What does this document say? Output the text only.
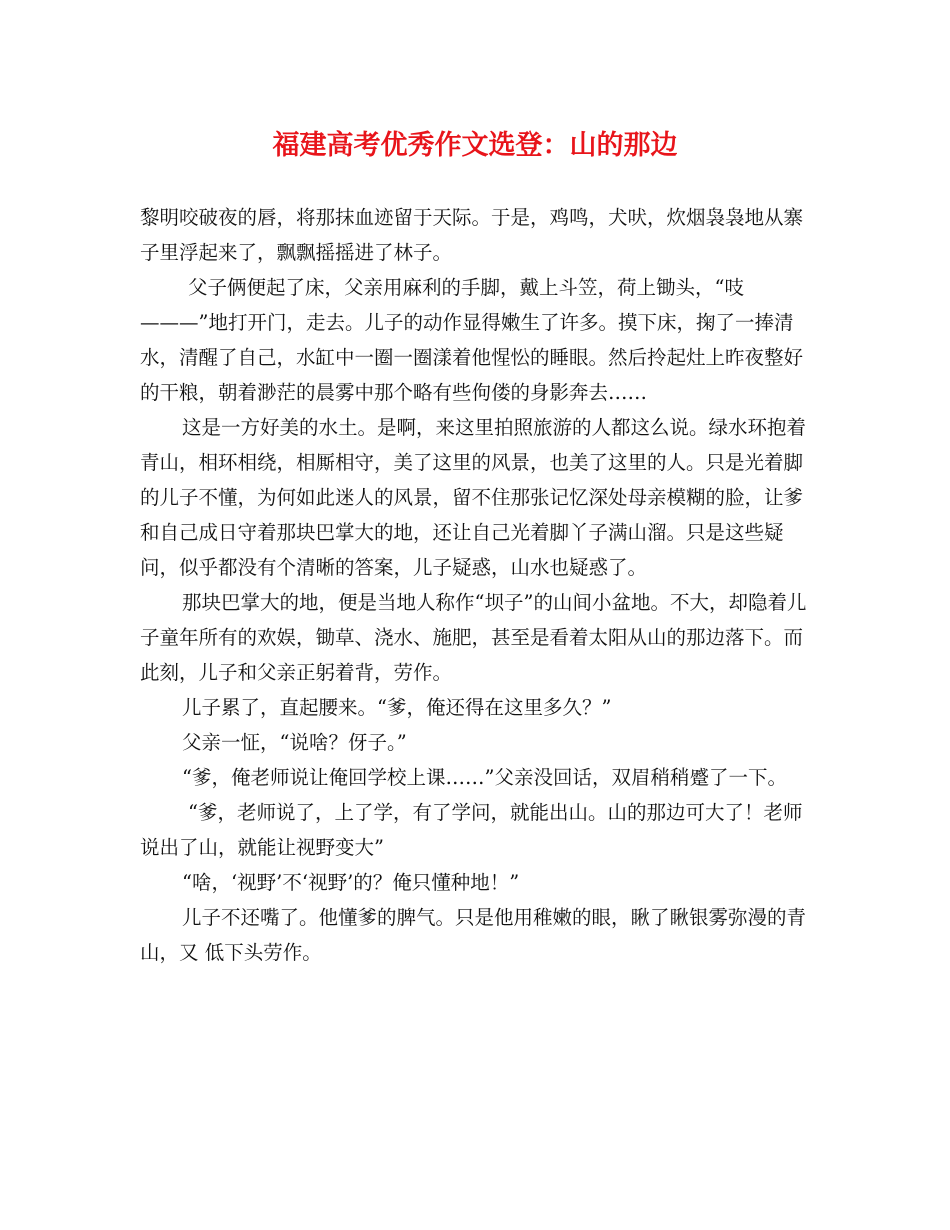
福建高考优秀作文选登：山的那边

黎明咬破夜的唇，将那抹血迹留于天际。于是，鸡鸣，犬吠，炊烟袅袅地从寨子里浮起来了，飘飘摇摇进了林子。

父子俩便起了床，父亲用麻利的手脚，戴上斗笠，荷上锄头，“吱———”地打开门，走去。儿子的动作显得嫩生了许多。摸下床，掬了一捧清水，清醒了自己，水缸中一圈一圈漾着他惺忪的睡眼。然后拎起灶上昨夜整好的干粮，朝着渺茫的晨雾中那个略有些佝偻的身影奔去……

这是一方好美的水土。是啊，来这里拍照旅游的人都这么说。绿水环抱着青山，相环相绕，相厮相守，美了这里的风景，也美了这里的人。只是光着脚的儿子不懂，为何如此迷人的风景，留不住那张记忆深处母亲模糊的脸，让爹和自己成日守着那块巴掌大的地，还让自己光着脚丫子满山溜。只是这些疑问，似乎都没有个清晰的答案，儿子疑惑，山水也疑惑了。

那块巴掌大的地，便是当地人称作“坝子”的山间小盆地。不大，却隐着儿子童年所有的欢娱，锄草、浇水、施肥，甚至是看着太阳从山的那边落下。而此刻，儿子和父亲正躬着背，劳作。

儿子累了，直起腰来。“爹，俺还得在这里多久？”

父亲一怔，“说啥？伢子。”

“爹，俺老师说让俺回学校上课……”父亲没回话，双眉稍稍蹙了一下。

“爹，老师说了，上了学，有了学问，就能出山。山的那边可大了！老师说出了山，就能让视野变大”

“啥，‘视野’不‘视野’的？俺只懂种地！”

儿子不还嘴了。他懂爹的脾气。只是他用稚嫩的眼，瞅了瞅银雾弥漫的青山，又 低下头劳作。
